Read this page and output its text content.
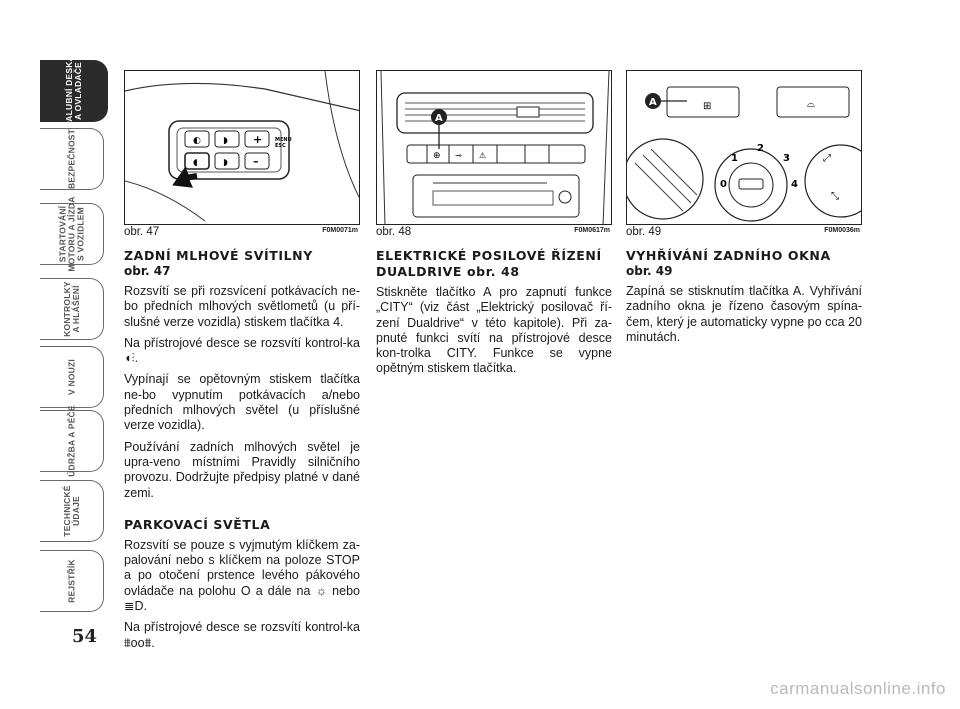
PALUBNÍ DESKA
A OVLADAČE
BEZPEČNOST
STARTOVÁNÍ
MOTORU A JÍZDA
S VOZIDLEM
KONTROLKY
A HLÁŠENÍ
V NOUZI
ÚDRŽBA A PÉČE
TECHNICKÉ ÚDAJE
REJSTŘÍK
54
◐ ◗ +
◖	◗ –
MENU
ESC
obr. 47	F0M0071m
⊕ ⊸ ⚠
A
obr. 48	F0M0617m
⊞	⌓
A
0
1
2
3
4
⤢
⤡
obr. 49	F0M0036m

ZADNÍ MLHOVÉ SVÍTILNY

obr. 47

Rozsvítí se při rozsvícení potkávacích ne-bo předních mlhových světlometů (u pří-slušné verze vozidla) stiskem tlačítka 4.

Na přístrojové desce se rozsvítí kontrol-ka ◖⫶.

Vypínají se opětovným stiskem tlačítka ne-bo vypnutím potkávacích a/nebo předních mlhových světel (u příslušné verze vozidla).

Používání zadních mlhových světel je upra-veno místními Pravidly silničního provozu. Dodržujte předpisy platné v dané zemi.

PARKOVACÍ SVĚTLA

Rozsvítí se pouze s vyjmutým klíčkem za-palování nebo s klíčkem na poloze STOP a po otočení prstence levého pákového ovládače na polohu O a dále na ☼ nebo ≣D.

Na přístrojové desce se rozsvítí kontrol-ka ⩩oo⩩.

ELEKTRICKÉ POSILOVÉ ŘÍZENÍ

DUALDRIVE obr. 48

Stiskněte tlačítko A pro zapnutí funkce „CITY“ (viz část „Elektrický posilovač ří-zení Dualdrive“ v této kapitole). Při za-pnuté funkci svítí na přístrojové desce kon-trolka CITY. Funkce se vypne opětným stiskem tlačítka.

VYHŘÍVÁNÍ ZADNÍHO OKNA

obr. 49

Zapíná se stisknutím tlačítka A. Vyhřívání zadního okna je řízeno časovým spína-čem, který je automaticky vypne po cca 20 minutách.

carmanualsonline.info
